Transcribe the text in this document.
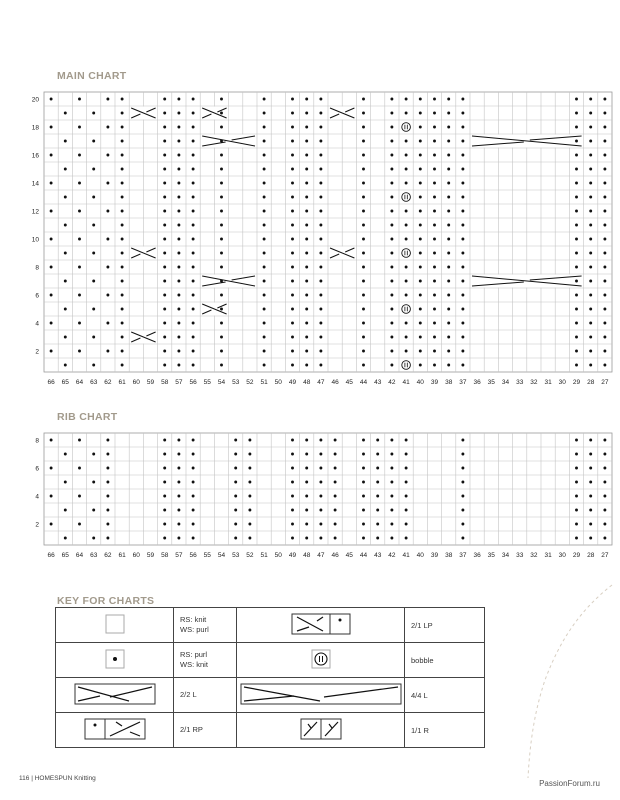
MAIN CHART
20
18
16
14
12
10
8
6
4
2
66 65 64 63 62 61 60 59 58 57 56 55 54 53 52 51 50 49 48 47 46 45 44 43 42 41 40 39 38 37 36 35 34 33 32 31 30 29 28 27
RIB CHART
8
6
4
2
66 65 64 63 62 61 60 59 58 57 56 55 54 53 52 51 50 49 48 47 46 45 44 43 42 41 40 39 38 37 36 35 34 33 32 31 30 29 28 27
KEY FOR CHARTS

RS: knit
WS: purl		2/1 LP

RS: purl
WS: knit		bobble

2/2 L		4/4 L

2/1 RP		1/1 R
116 | HOMESPUN Knitting
PassionForum.ru
